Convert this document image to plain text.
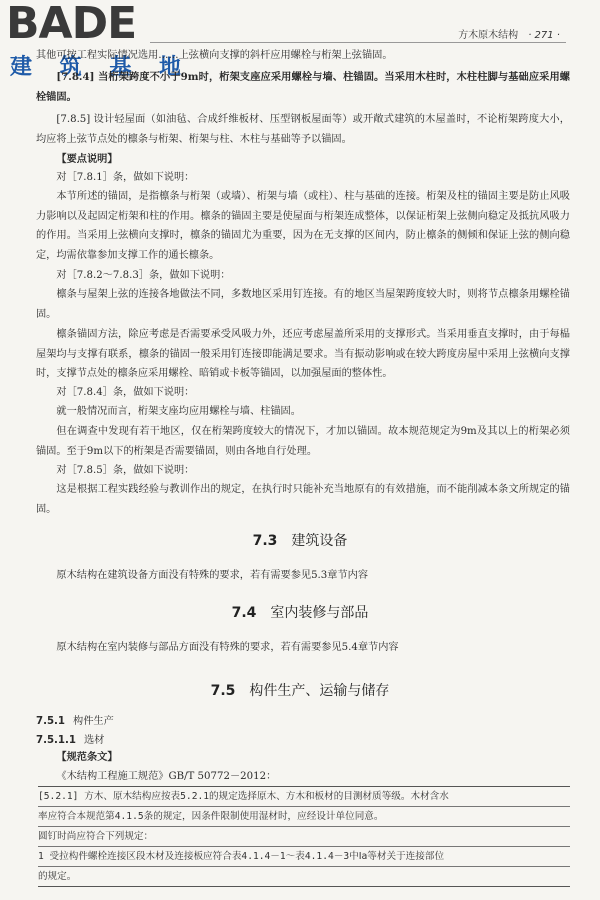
BADE
建 筑 基 地
方木原木结构 · 271 ·
其他可按工程实际情况选用……上弦横向支撑的斜杆应用螺栓与桁架上弦锚固。
[7.8.4] 当桁架跨度不小于9m时，桁架支座应采用螺栓与墙、柱锚固。当采用木柱时，木柱柱脚与基础应采用螺栓锚固。
[7.8.5] 设计轻屋面（如油毡、合成纤维板材、压型钢板屋面等）或开敞式建筑的木屋盖时，不论桁架跨度大小，均应将上弦节点处的檩条与桁架、桁架与柱、木柱与基础等予以锚固。
【要点说明】
对［7.8.1］条，做如下说明：
本节所述的锚固，是指檩条与桁架（或墙）、桁架与墙（或柱）、柱与基础的连接。桁架及柱的锚固主要是防止风吸力影响以及起固定桁架和柱的作用。檩条的锚固主要是使屋面与桁架连成整体，以保证桁架上弦侧向稳定及抵抗风吸力的作用。当采用上弦横向支撑时，檩条的锚固尤为重要，因为在无支撑的区间内，防止檩条的侧倾和保证上弦的侧向稳定，均需依靠参加支撑工作的通长檩条。
对［7.8.2～7.8.3］条，做如下说明：
檩条与屋架上弦的连接各地做法不同，多数地区采用钉连接。有的地区当屋架跨度较大时，则将节点檩条用螺栓锚固。
檩条锚固方法，除应考虑是否需要承受风吸力外，还应考虑屋盖所采用的支撑形式。当采用垂直支撑时，由于每榀屋架均与支撑有联系，檩条的锚固一般采用钉连接即能满足要求。当有振动影响或在较大跨度房屋中采用上弦横向支撑时，支撑节点处的檩条应采用螺栓、暗销或卡板等锚固，以加强屋面的整体性。
对［7.8.4］条，做如下说明：
就一般情况而言，桁架支座均应用螺栓与墙、柱锚固。
但在调查中发现有若干地区，仅在桁架跨度较大的情况下，才加以锚固。故本规范规定为9m及其以上的桁架必须锚固。至于9m以下的桁架是否需要锚固，则由各地自行处理。
对［7.8.5］条，做如下说明：
这是根据工程实践经验与教训作出的规定，在执行时只能补充当地原有的有效措施，而不能削减本条文所规定的锚固。
7.3 建筑设备
原木结构在建筑设备方面没有特殊的要求，若有需要参见5.3章节内容
7.4 室内装修与部品
原木结构在室内装修与部品方面没有特殊的要求，若有需要参见5.4章节内容
7.5 构件生产、运输与储存
7.5.1 构件生产
7.5.1.1 选材
【规范条文】
《木结构工程施工规范》GB/T 50772－2012：
[5.2.1] 方木、原木结构应按表5.2.1的规定选择原木、方木和板材的目测材质等级。木材含水
率应符合本规范第4.1.5条的规定，因条件限制使用湿材时，应经设计单位同意。
圆钉时尚应符合下列规定：
1 受拉构件螺栓连接区段木材及连接板应符合表4.1.4－1～表4.1.4－3中Ⅰa等材关于连接部位
的规定。
